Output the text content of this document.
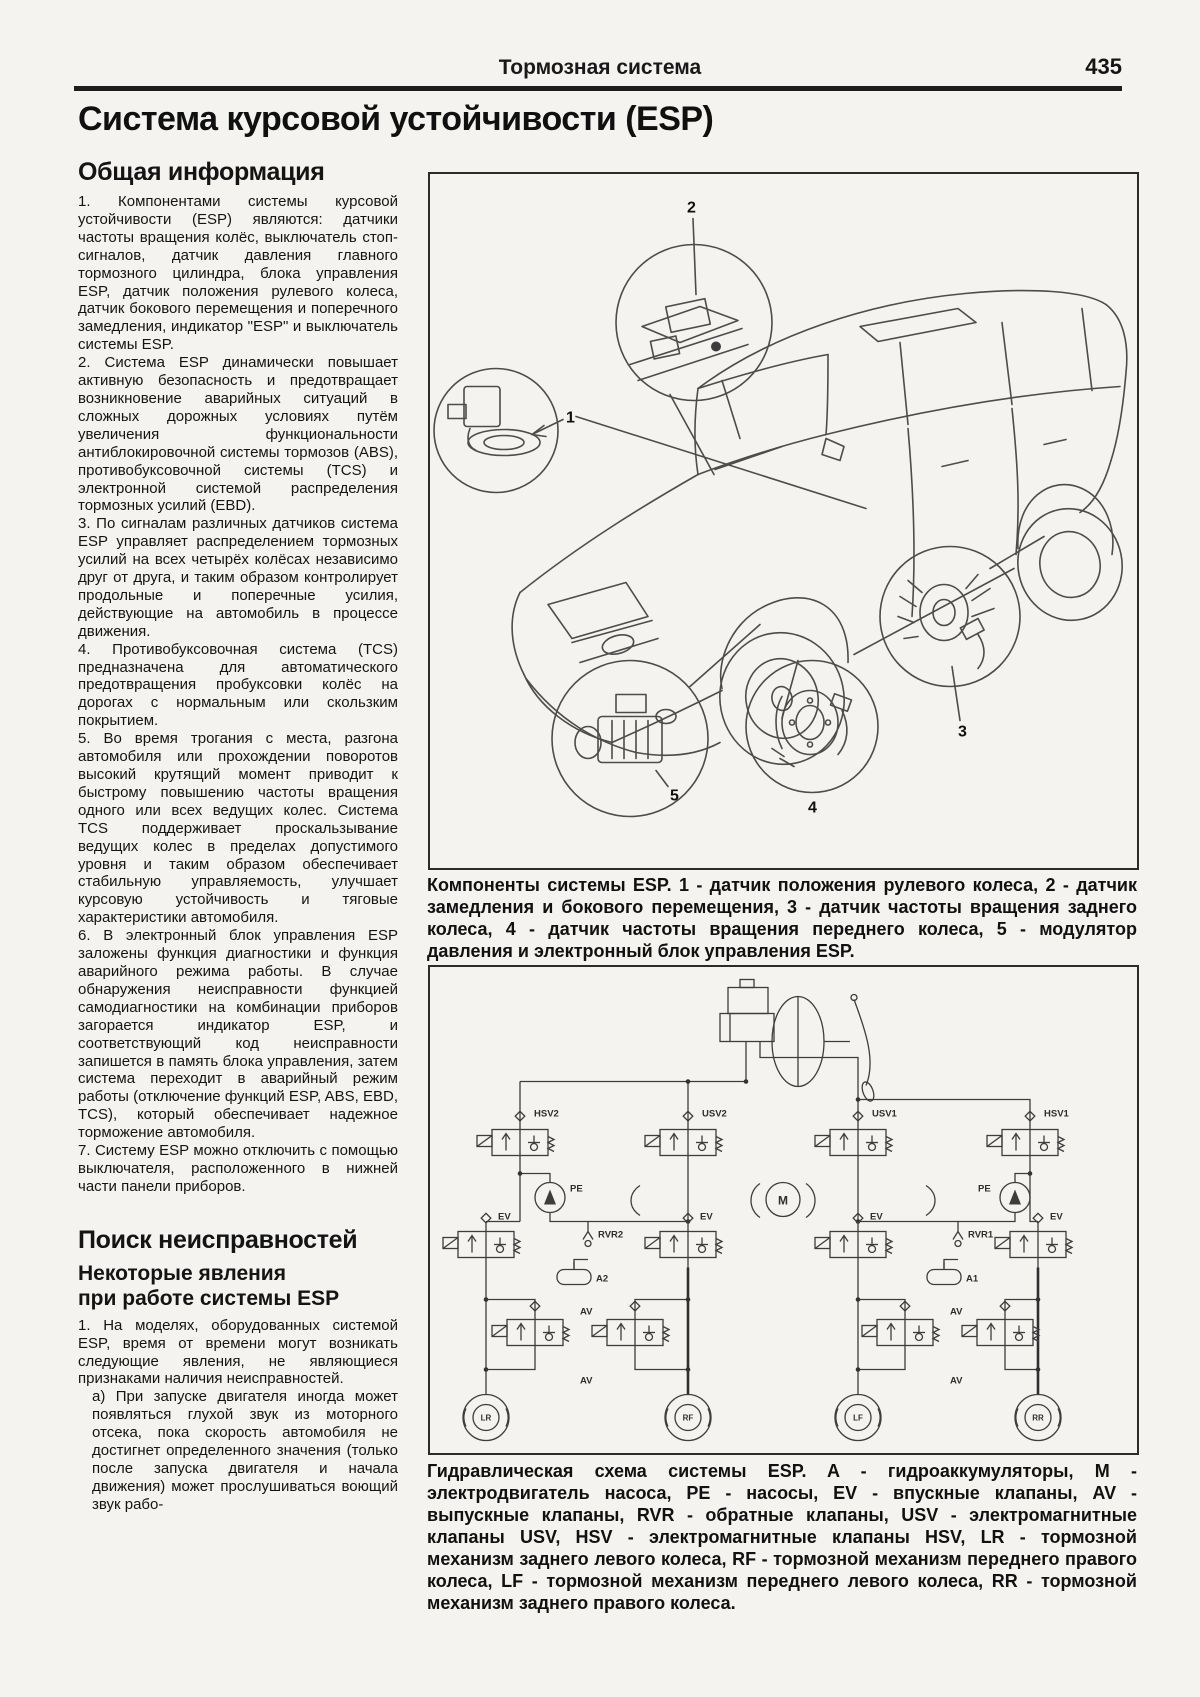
Тормозная система	435
Система курсовой устойчивости (ESP)
Общая информация

1. Компонентами системы курсовой устойчивости (ESP) являются: датчики частоты вращения колёс, выключатель стоп-сигналов, датчик давления главного тормозного цилиндра, блока управления ESP, датчик положения рулевого колеса, датчик бокового перемещения и поперечного замедления, индикатор "ESP" и выключатель системы ESP.

2. Система ESP динамически повышает активную безопасность и предотвращает возникновение аварийных ситуаций в сложных дорожных условиях путём увеличения функциональности антиблокировочной системы тормозов (ABS), противобуксовочной системы (TCS) и электронной системой распределения тормозных усилий (EBD).

3. По сигналам различных датчиков система ESP управляет распределением тормозных усилий на всех четырёх колёсах независимо друг от друга, и таким образом контролирует продольные и поперечные усилия, действующие на автомобиль в процессе движения.

4. Противобуксовочная система (TCS) предназначена для автоматического предотвращения пробуксовки колёс на дорогах с нормальным или скользким покрытием.

5. Во время трогания с места, разгона автомобиля или прохождении поворотов высокий крутящий момент приводит к быстрому повышению частоты вращения одного или всех ведущих колес. Система TCS поддерживает проскальзывание ведущих колес в пределах допустимого уровня и таким образом обеспечивает стабильную управляемость, улучшает курсовую устойчивость и тяговые характеристики автомобиля.

6. В электронный блок управления ESP заложены функция диагностики и функция аварийного режима работы. В случае обнаружения неисправности функцией самодиагностики на комбинации приборов загорается индикатор ESP, и соответствующий код неисправности запишется в память блока управления, затем система переходит в аварийный режим работы (отключение функций ESP, ABS, EBD, TCS), который обеспечивает надежное торможение автомобиля.

7. Систему ESP можно отключить с помощью выключателя, расположенного в нижней части панели приборов.

Поиск неисправностей
Некоторые явления
при работе системы ESP

1. На моделях, оборудованных системой ESP, время от времени могут возникать следующие явления, не являющиеся признаками наличия неисправностей.

а) При запуске двигателя иногда может появляться глухой звук из моторного отсека, пока скорость автомобиля не достигнет определенного значения (только после запуска двигателя и начала движения) может прослушиваться воющий звук рабо-

2
1
5
4
3
Компоненты системы ESP. 1 - датчик положения рулевого колеса, 2 - датчик замедления и бокового перемещения, 3 - датчик частоты вращения заднего колеса, 4 - датчик частоты вращения переднего колеса, 5 - модулятор давления и электронный блок управления ESP.
HSV2	USV2	USV1	HSV1
PE	PE
M
EV	EV	EV	EV
RVR2	RVR1
A2	A1
AV	AV
AV	AV
LR	RF	LF	RR
Гидравлическая схема системы ESP. A - гидроаккумуляторы, M - электродвигатель насоса, PE - насосы, EV - впускные клапаны, AV - выпускные клапаны, RVR - обратные клапаны, USV - электромагнитные клапаны USV, HSV - электромагнитные клапаны HSV, LR - тормозной механизм заднего левого колеса, RF - тормозной механизм переднего правого колеса, LF - тормозной механизм переднего левого колеса, RR - тормозной механизм заднего правого колеса.
